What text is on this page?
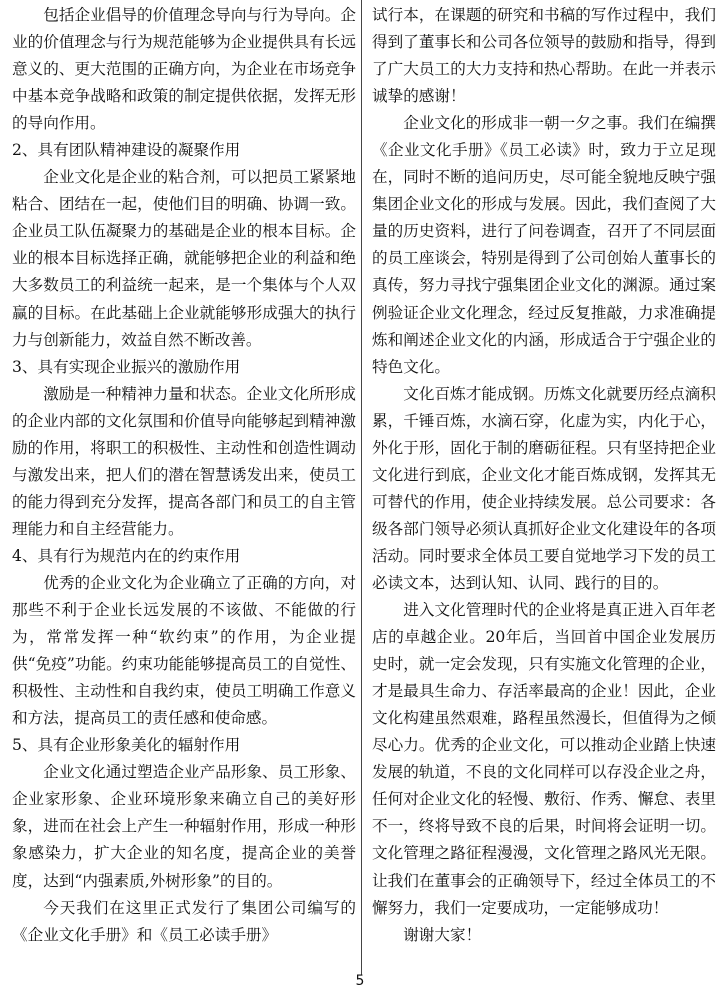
包括企业倡导的价值理念导向与行为导向。企业的价值理念与行为规范能够为企业提供具有长远意义的、更大范围的正确方向，为企业在市场竞争中基本竞争战略和政策的制定提供依据，发挥无形的导向作用。

2、具有团队精神建设的凝聚作用

企业文化是企业的粘合剂，可以把员工紧紧地粘合、团结在一起，使他们目的明确、协调一致。企业员工队伍凝聚力的基础是企业的根本目标。企业的根本目标选择正确，就能够把企业的利益和绝大多数员工的利益统一起来，是一个集体与个人双赢的目标。在此基础上企业就能够形成强大的执行力与创新能力，效益自然不断改善。

3、具有实现企业振兴的激励作用

激励是一种精神力量和状态。企业文化所形成的企业内部的文化氛围和价值导向能够起到精神激励的作用，将职工的积极性、主动性和创造性调动与激发出来，把人们的潜在智慧诱发出来，使员工的能力得到充分发挥，提高各部门和员工的自主管理能力和自主经营能力。

4、具有行为规范内在的约束作用

优秀的企业文化为企业确立了正确的方向，对那些不利于企业长远发展的不该做、不能做的行为，常常发挥一种“软约束”的作用，为企业提供“免疫”功能。约束功能能够提高员工的自觉性、积极性、主动性和自我约束，使员工明确工作意义和方法，提高员工的责任感和使命感。

5、具有企业形象美化的辐射作用

企业文化通过塑造企业产品形象、员工形象、企业家形象、企业环境形象来确立自己的美好形象，进而在社会上产生一种辐射作用，形成一种形象感染力，扩大企业的知名度，提高企业的美誉度，达到“内强素质,外树形象”的目的。

今天我们在这里正式发行了集团公司编写的《企业文化手册》和《员工必读手册》

试行本，在课题的研究和书稿的写作过程中，我们得到了董事长和公司各位领导的鼓励和指导，得到了广大员工的大力支持和热心帮助。在此一并表示诚挚的感谢！

企业文化的形成非一朝一夕之事。我们在编撰《企业文化手册》《员工必读》时，致力于立足现在，同时不断的追问历史，尽可能全貌地反映宁强集团企业文化的形成与发展。因此，我们查阅了大量的历史资料，进行了问卷调查，召开了不同层面的员工座谈会，特别是得到了公司创始人董事长的真传，努力寻找宁强集团企业文化的渊源。通过案例验证企业文化理念，经过反复推敲，力求准确提炼和阐述企业文化的内涵，形成适合于宁强企业的特色文化。

文化百炼才能成钢。历炼文化就要历经点滴积累，千锤百炼，水滴石穿，化虚为实，内化于心，外化于形，固化于制的磨砺征程。只有坚持把企业文化进行到底，企业文化才能百炼成钢，发挥其无可替代的作用，使企业持续发展。总公司要求：各级各部门领导必须认真抓好企业文化建设年的各项活动。同时要求全体员工要自觉地学习下发的员工必读文本，达到认知、认同、践行的目的。

进入文化管理时代的企业将是真正进入百年老店的卓越企业。20年后，当回首中国企业发展历史时，就一定会发现，只有实施文化管理的企业，才是最具生命力、存活率最高的企业！因此，企业文化构建虽然艰难，路程虽然漫长，但值得为之倾尽心力。优秀的企业文化，可以推动企业踏上快速发展的轨道，不良的文化同样可以存没企业之舟，任何对企业文化的轻慢、敷衍、作秀、懈怠、表里不一，终将导致不良的后果，时间将会证明一切。文化管理之路征程漫漫，文化管理之路风光无限。让我们在董事会的正确领导下，经过全体员工的不懈努力，我们一定要成功，一定能够成功！

谢谢大家！

5
